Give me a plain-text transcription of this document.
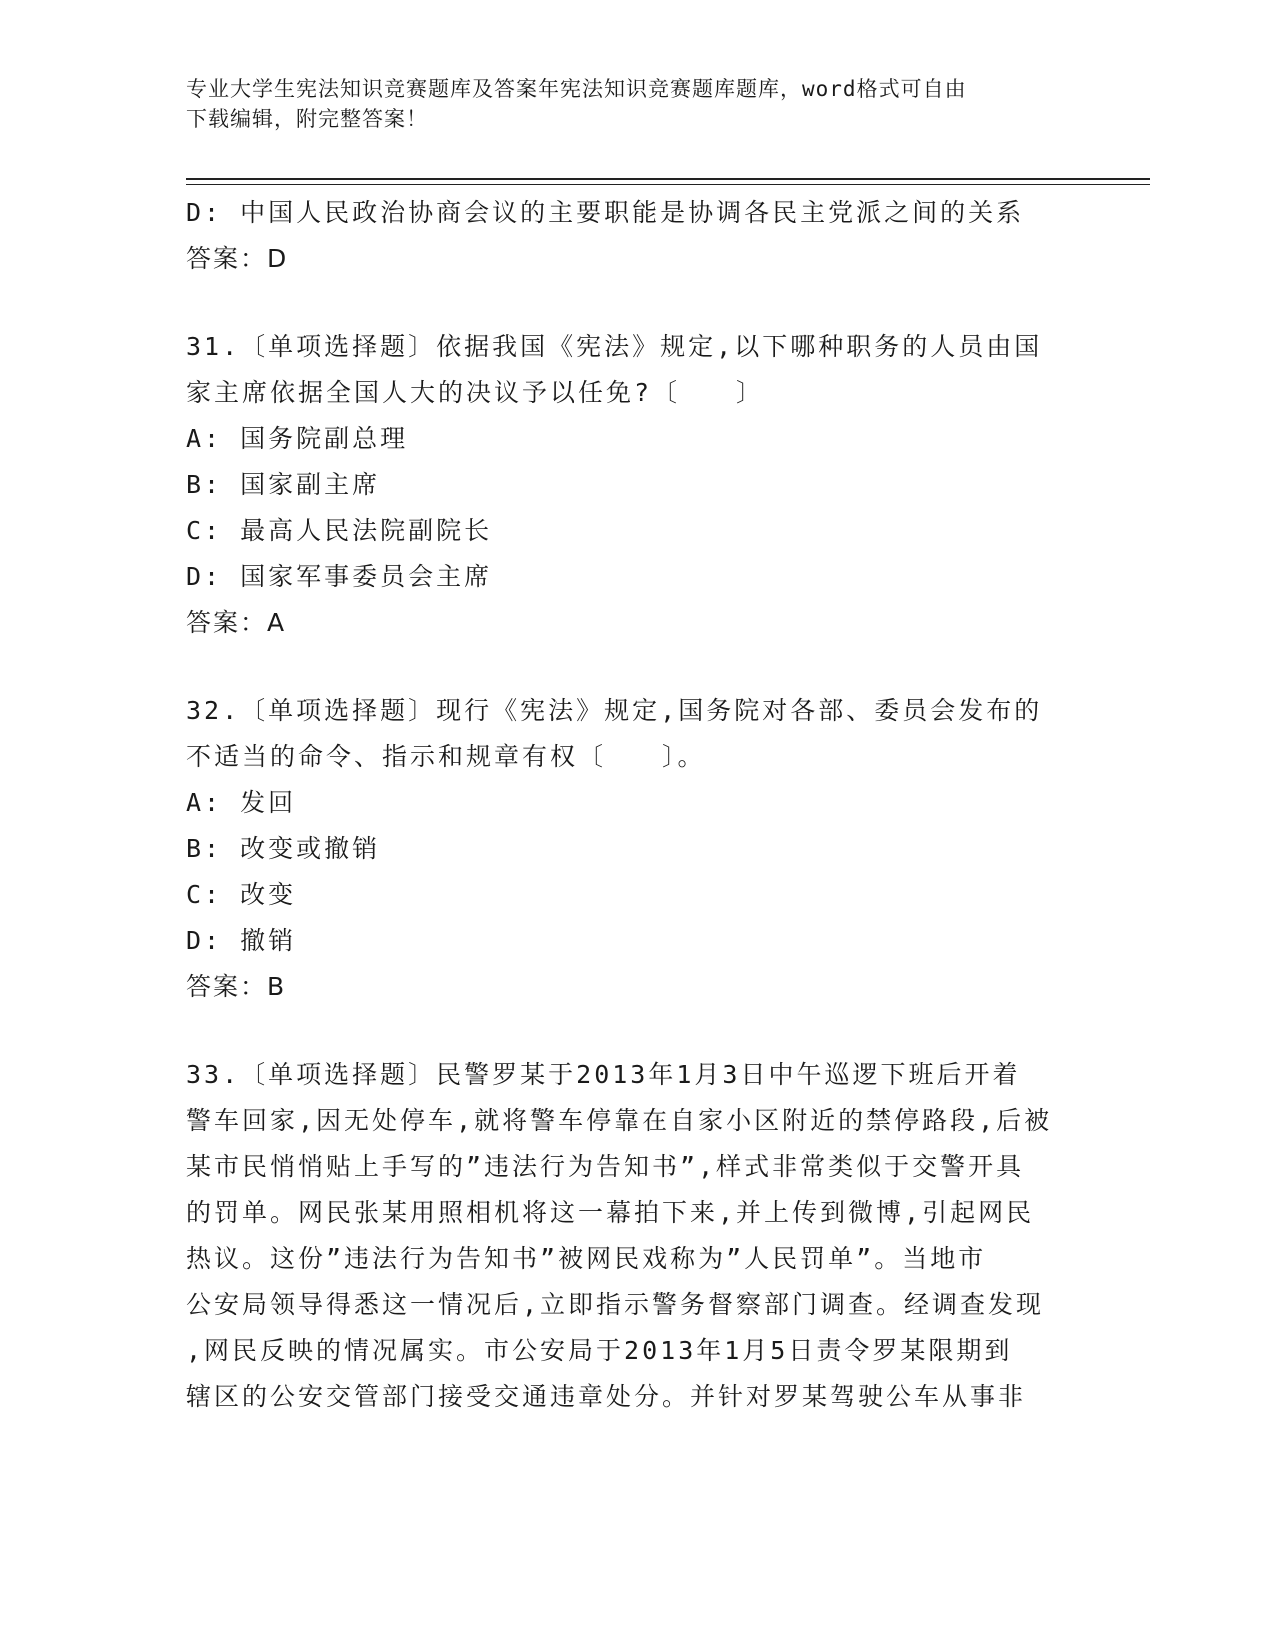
专业大学生宪法知识竞赛题库及答案年宪法知识竞赛题库题库，word格式可自由
下载编辑，附完整答案！
D: 中国人民政治协商会议的主要职能是协调各民主党派之间的关系
答案：D
31.〔单项选择题〕依据我国《宪法》规定,以下哪种职务的人员由国
家主席依据全国人大的决议予以任免?〔　　〕
A: 国务院副总理
B: 国家副主席
C: 最高人民法院副院长
D: 国家军事委员会主席
答案：A
32.〔单项选择题〕现行《宪法》规定,国务院对各部、委员会发布的
不适当的命令、指示和规章有权〔　　〕。
A: 发回
B: 改变或撤销
C: 改变
D: 撤销
答案：B
33.〔单项选择题〕民警罗某于2013年1月3日中午巡逻下班后开着
警车回家,因无处停车,就将警车停靠在自家小区附近的禁停路段,后被
某市民悄悄贴上手写的”违法行为告知书”,样式非常类似于交警开具
的罚单。网民张某用照相机将这一幕拍下来,并上传到微博,引起网民
热议。这份”违法行为告知书”被网民戏称为”人民罚单”。当地市
公安局领导得悉这一情况后,立即指示警务督察部门调查。经调查发现
,网民反映的情况属实。市公安局于2013年1月5日责令罗某限期到
辖区的公安交管部门接受交通违章处分。并针对罗某驾驶公车从事非
